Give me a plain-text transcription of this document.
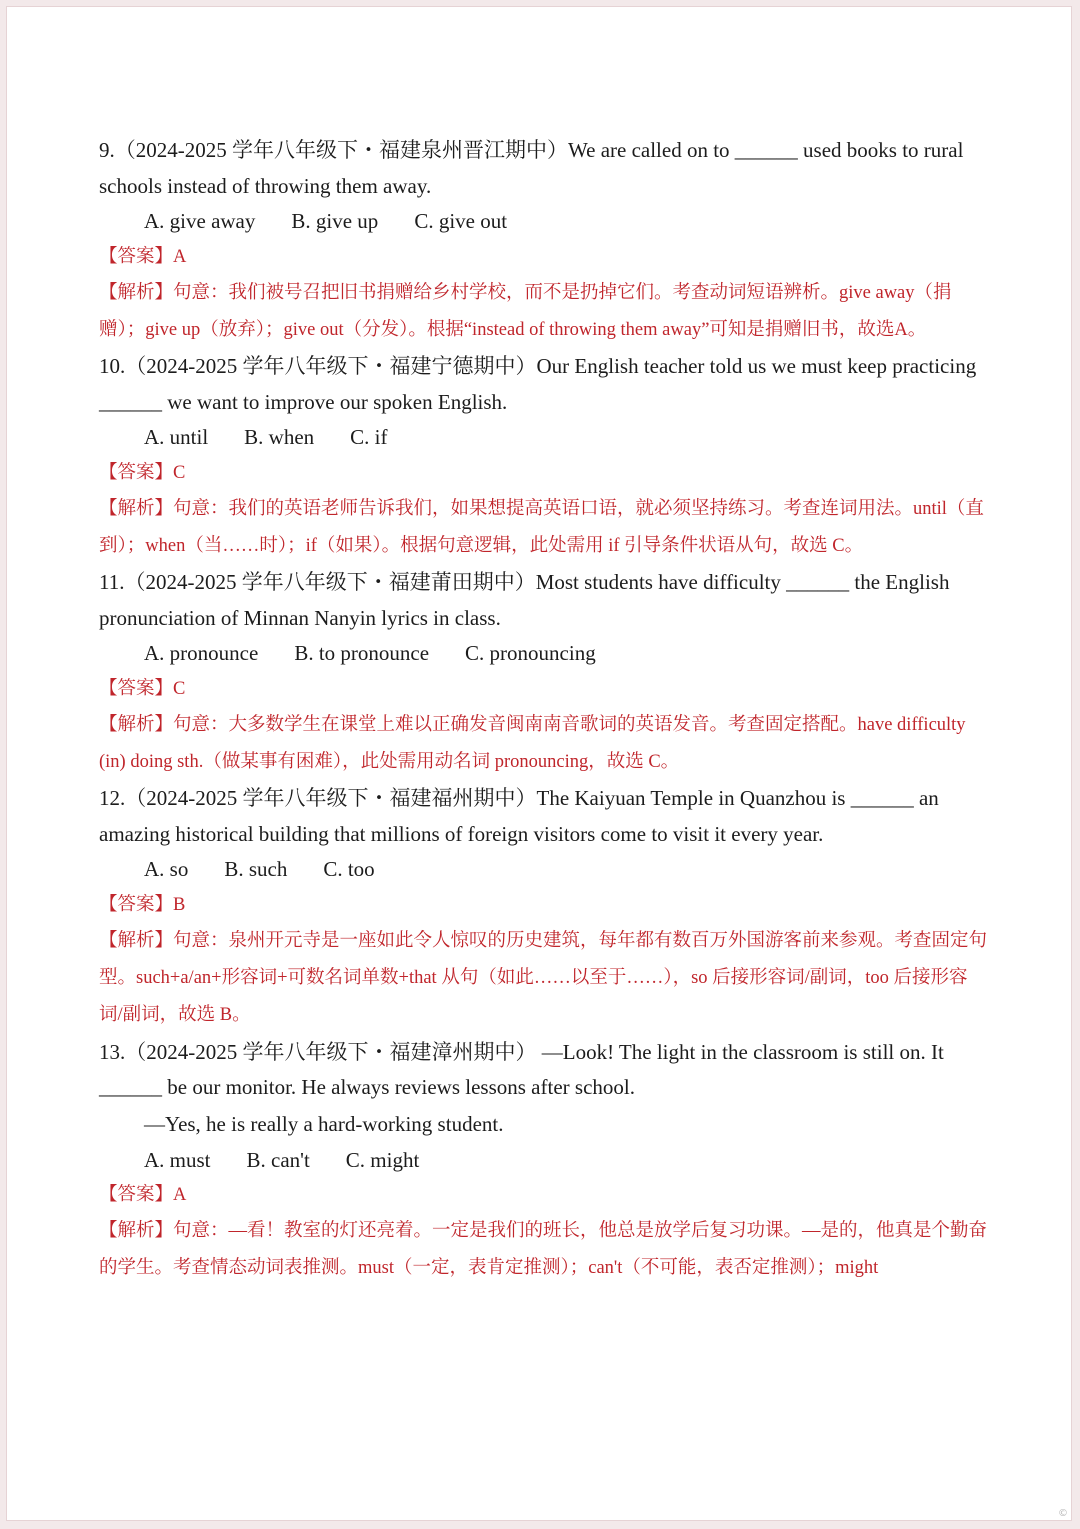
9.（2024-2025 学年八年级下・福建泉州晋江期中）We are called on to ______ used books to rural schools instead of throwing them away.

A. give away B. give up C. give out

【答案】A

【解析】句意：我们被号召把旧书捐赠给乡村学校，而不是扔掉它们。考查动词短语辨析。give away（捐赠）；give up（放弃）；give out（分发）。根据“instead of throwing them away”可知是捐赠旧书，故选A。

10.（2024-2025 学年八年级下・福建宁德期中）Our English teacher told us we must keep practicing ______ we want to improve our spoken English.

A. until B. when C. if

【答案】C

【解析】句意：我们的英语老师告诉我们，如果想提高英语口语，就必须坚持练习。考查连词用法。until（直到）；when（当……时）；if（如果）。根据句意逻辑，此处需用 if 引导条件状语从句，故选 C。

11.（2024-2025 学年八年级下・福建莆田期中）Most students have difficulty ______ the English pronunciation of Minnan Nanyin lyrics in class.

A. pronounce B. to pronounce C. pronouncing

【答案】C

【解析】句意：大多数学生在课堂上难以正确发音闽南南音歌词的英语发音。考查固定搭配。have difficulty (in) doing sth.（做某事有困难），此处需用动名词 pronouncing，故选 C。

12.（2024-2025 学年八年级下・福建福州期中）The Kaiyuan Temple in Quanzhou is ______ an amazing historical building that millions of foreign visitors come to visit it every year.

A. so B. such C. too

【答案】B

【解析】句意：泉州开元寺是一座如此令人惊叹的历史建筑，每年都有数百万外国游客前来参观。考查固定句型。such+a/an+形容词+可数名词单数+that 从句（如此……以至于……），so 后接形容词/副词，too 后接形容词/副词，故选 B。

13.（2024-2025 学年八年级下・福建漳州期中） —Look! The light in the classroom is still on. It ______ be our monitor. He always reviews lessons after school.

—Yes, he is really a hard-working student.

A. must B. can't C. might

【答案】A

【解析】句意：—看！教室的灯还亮着。一定是我们的班长，他总是放学后复习功课。—是的，他真是个勤奋的学生。考查情态动词表推测。must（一定，表肯定推测）；can't（不可能，表否定推测）；might

©
